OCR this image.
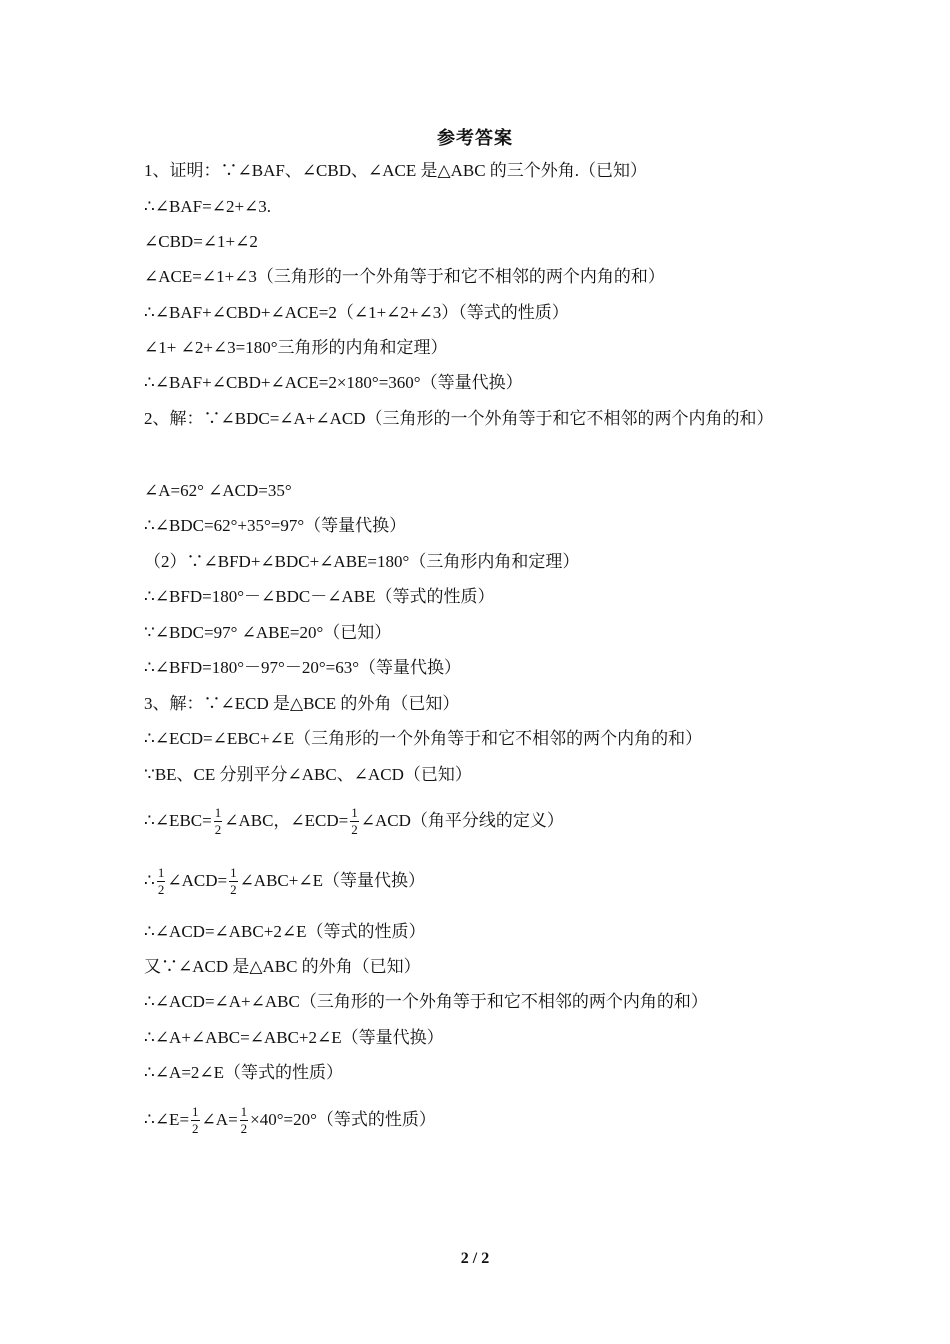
参考答案
1、证明：∵∠BAF、∠CBD、∠ACE 是△ABC 的三个外角.（已知）
∴∠BAF=∠2+∠3.
∠CBD=∠1+∠2
∠ACE=∠1+∠3（三角形的一个外角等于和它不相邻的两个内角的和）
∴∠BAF+∠CBD+∠ACE=2（∠1+∠2+∠3）（等式的性质）
∠1+ ∠2+∠3=180°三角形的内角和定理）
∴∠BAF+∠CBD+∠ACE=2×180°=360°（等量代换）
2、解：∵∠BDC=∠A+∠ACD（三角形的一个外角等于和它不相邻的两个内角的和）
∠A=62° ∠ACD=35°
∴∠BDC=62°+35°=97°（等量代换）
（2）∵∠BFD+∠BDC+∠ABE=180°（三角形内角和定理）
∴∠BFD=180°－∠BDC－∠ABE（等式的性质）
∵∠BDC=97° ∠ABE=20°（已知）
∴∠BFD=180°－97°－20°=63°（等量代换）
3、解：∵∠ECD 是△BCE 的外角（已知）
∴∠ECD=∠EBC+∠E（三角形的一个外角等于和它不相邻的两个内角的和）
∵BE、CE 分别平分∠ABC、∠ACD（已知）
∴∠EBC= $\frac{1}{2}$ ∠ABC，∠ECD= $\frac{1}{2}$ ∠ACD（角平分线的定义）
∴ $\frac{1}{2}$ ∠ACD= $\frac{1}{2}$ ∠ABC+∠E（等量代换）
∴∠ACD=∠ABC+2∠E（等式的性质）
又∵∠ACD 是△ABC 的外角（已知）
∴∠ACD=∠A+∠ABC（三角形的一个外角等于和它不相邻的两个内角的和）
∴∠A+∠ABC=∠ABC+2∠E（等量代换）
∴∠A=2∠E（等式的性质）
∴∠E= $\frac{1}{2}$ ∠A= $\frac{1}{2} \times 40^\circ=20^\circ$（等式的性质）
2 / 2
